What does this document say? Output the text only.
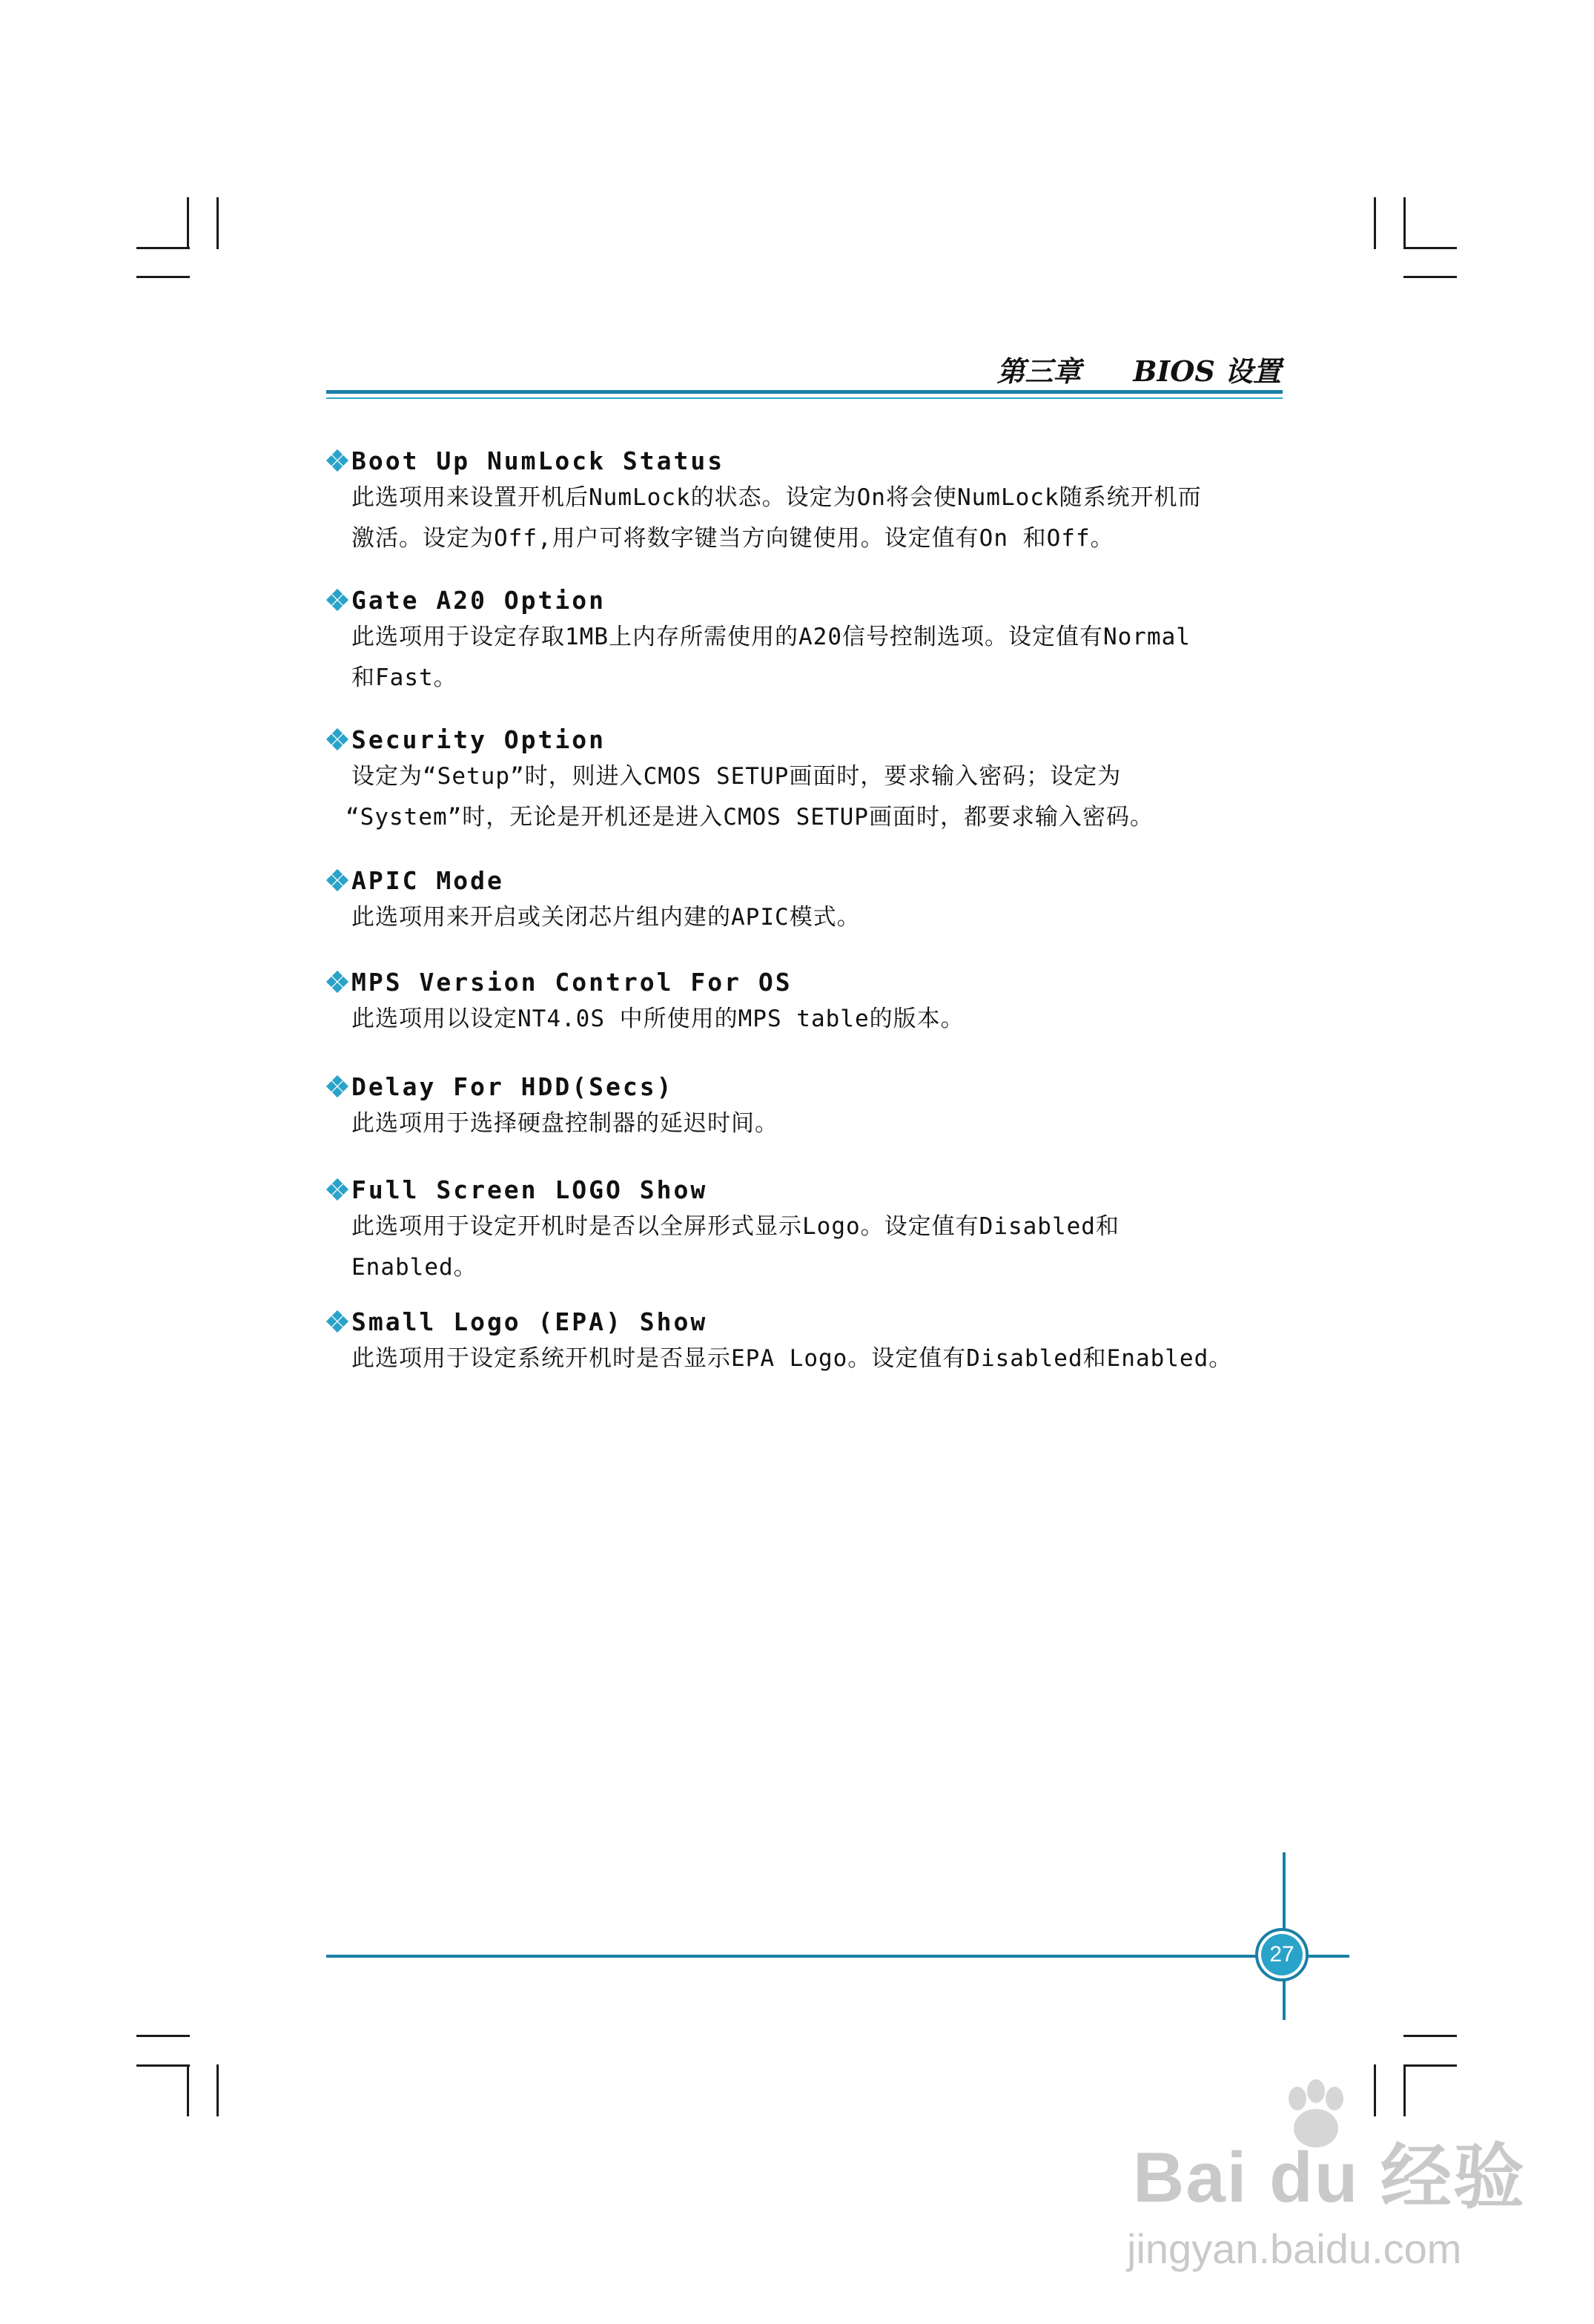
第三章 BIOS 设置
Boot Up NumLock Status
此选项用来设置开机后NumLock的状态。设定为On将会使NumLock随系统开机而
激活。设定为Off,用户可将数字键当方向键使用。设定值有On 和Off。
Gate A20 Option
此选项用于设定存取1MB上内存所需使用的A20信号控制选项。设定值有Normal
和Fast。
Security Option
设定为“Setup”时，则进入CMOS SETUP画面时，要求输入密码；设定为
“System”时，无论是开机还是进入CMOS SETUP画面时，都要求输入密码。
APIC Mode
此选项用来开启或关闭芯片组内建的APIC模式。
MPS Version Control For OS
此选项用以设定NT4.0S 中所使用的MPS table的版本。
Delay For HDD(Secs)
此选项用于选择硬盘控制器的延迟时间。
Full Screen LOGO Show
此选项用于设定开机时是否以全屏形式显示Logo。设定值有Disabled和
Enabled。
Small Logo (EPA) Show
此选项用于设定系统开机时是否显示EPA Logo。设定值有Disabled和Enabled。
27
Bai du 经验
jingyan.baidu.com
